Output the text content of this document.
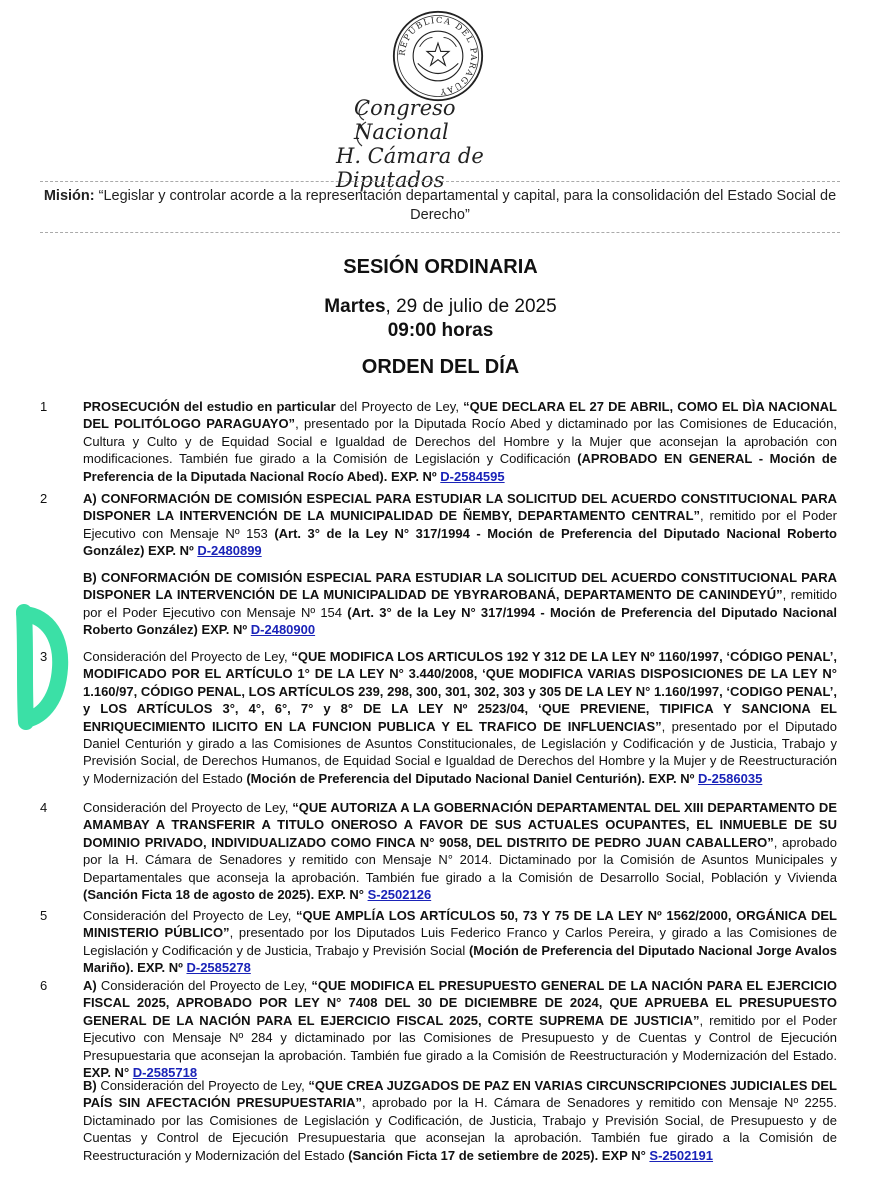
REPÚBLICA DEL PARAGUAY
Congreso Nacional
H. Cámara de Diputados
Misión: “Legislar y controlar acorde a la representación departamental y capital, para la consolidación del Estado Social de Derecho”
SESIÓN ORDINARIA
Martes, 29 de julio de 2025
09:00 horas
ORDEN DEL DÍA
1	PROSECUCIÓN del estudio en particular del Proyecto de Ley, “QUE DECLARA EL 27 DE ABRIL, COMO EL DÌA NACIONAL DEL POLITÓLOGO PARAGUAYO”, presentado por la Diputada Rocío Abed y dictaminado por las Comisiones de Educación, Cultura y Culto y de Equidad Social e Igualdad de Derechos del Hombre y la Mujer que aconsejan la aprobación con modificaciones. También fue girado a la Comisión de Legislación y Codificación (APROBADO EN GENERAL - Moción de Preferencia de la Diputada Nacional Rocío Abed). EXP. Nº D-2584595
2	A) CONFORMACIÓN DE COMISIÓN ESPECIAL PARA ESTUDIAR LA SOLICITUD DEL ACUERDO CONSTITUCIONAL PARA DISPONER LA INTERVENCIÓN DE LA MUNICIPALIDAD DE ÑEMBY, DEPARTAMENTO CENTRAL”, remitido por el Poder Ejecutivo con Mensaje Nº 153 (Art. 3° de la Ley N° 317/1994 - Moción de Preferencia del Diputado Nacional Roberto González) EXP. Nº D-2480899
B) CONFORMACIÓN DE COMISIÓN ESPECIAL PARA ESTUDIAR LA SOLICITUD DEL ACUERDO CONSTITUCIONAL PARA DISPONER LA INTERVENCIÓN DE LA MUNICIPALIDAD DE YBYRAROBANÁ, DEPARTAMENTO DE CANINDEYÚ”, remitido por el Poder Ejecutivo con Mensaje Nº 154 (Art. 3° de la Ley N° 317/1994 - Moción de Preferencia del Diputado Nacional Roberto González) EXP. Nº D-2480900
3	Consideración del Proyecto de Ley, “QUE MODIFICA LOS ARTICULOS 192 Y 312 DE LA LEY Nº 1160/1997, ‘CÓDIGO PENAL’, MODIFICADO POR EL ARTÍCULO 1° DE LA LEY N° 3.440/2008, ‘QUE MODIFICA VARIAS DISPOSICIONES DE LA LEY N° 1.160/97, CÓDIGO PENAL, LOS ARTÍCULOS 239, 298, 300, 301, 302, 303 y 305 DE LA LEY N° 1.160/1997, ‘CODIGO PENAL’, y LOS ARTÍCULOS 3°, 4°, 6°, 7° y 8° DE LA LEY Nº 2523/04, ‘QUE PREVIENE, TIPIFICA Y SANCIONA EL ENRIQUECIMIENTO ILICITO EN LA FUNCION PUBLICA Y EL TRAFICO DE INFLUENCIAS”, presentado por el Diputado Daniel Centurión y girado a las Comisiones de Asuntos Constitucionales, de Legislación y Codificación y de Justicia, Trabajo y Previsión Social, de Derechos Humanos, de Equidad Social e Igualdad de Derechos del Hombre y la Mujer y de Reestructuración y Modernización del Estado (Moción de Preferencia del Diputado Nacional Daniel Centurión). EXP. Nº D-2586035
4	Consideración del Proyecto de Ley, “QUE AUTORIZA A LA GOBERNACIÓN DEPARTAMENTAL DEL XIII DEPARTAMENTO DE AMAMBAY A TRANSFERIR A TITULO ONEROSO A FAVOR DE SUS ACTUALES OCUPANTES, EL INMUEBLE DE SU DOMINIO PRIVADO, INDIVIDUALIZADO COMO FINCA N° 9058, DEL DISTRITO DE PEDRO JUAN CABALLERO”, aprobado por la H. Cámara de Senadores y remitido con Mensaje N° 2014. Dictaminado por la Comisión de Asuntos Municipales y Departamentales que aconseja la aprobación. También fue girado a la Comisión de Desarrollo Social, Población y Vivienda (Sanción Ficta 18 de agosto de 2025). EXP. N° S-2502126
5	Consideración del Proyecto de Ley, “QUE AMPLÍA LOS ARTÍCULOS 50, 73 Y 75 DE LA LEY Nº 1562/2000, ORGÁNICA DEL MINISTERIO PÚBLICO”, presentado por los Diputados Luis Federico Franco y Carlos Pereira, y girado a las Comisiones de Legislación y Codificación y de Justicia, Trabajo y Previsión Social (Moción de Preferencia del Diputado Nacional Jorge Avalos Mariño). EXP. Nº D-2585278
6	A) Consideración del Proyecto de Ley, “QUE MODIFICA EL PRESUPUESTO GENERAL DE LA NACIÓN PARA EL EJERCICIO FISCAL 2025, APROBADO POR LEY N° 7408 DEL 30 DE DICIEMBRE DE 2024, QUE APRUEBA EL PRESUPUESTO GENERAL DE LA NACIÓN PARA EL EJERCICIO FISCAL 2025, CORTE SUPREMA DE JUSTICIA”, remitido por el Poder Ejecutivo con Mensaje Nº 284 y dictaminado por las Comisiones de Presupuesto y de Cuentas y Control de Ejecución Presupuestaria que aconsejan la aprobación. También fue girado a la Comisión de Reestructuración y Modernización del Estado. EXP. N° D-2585718
B) Consideración del Proyecto de Ley, “QUE CREA JUZGADOS DE PAZ EN VARIAS CIRCUNSCRIPCIONES JUDICIALES DEL PAÍS SIN AFECTACIÓN PRESUPUESTARIA”, aprobado por la H. Cámara de Senadores y remitido con Mensaje Nº 2255. Dictaminado por las Comisiones de Legislación y Codificación, de Justicia, Trabajo y Previsión Social, de Presupuesto y de Cuentas y Control de Ejecución Presupuestaria que aconsejan la aprobación. También fue girado a la Comisión de Reestructuración y Modernización del Estado (Sanción Ficta 17 de setiembre de 2025). EXP N° S-2502191
